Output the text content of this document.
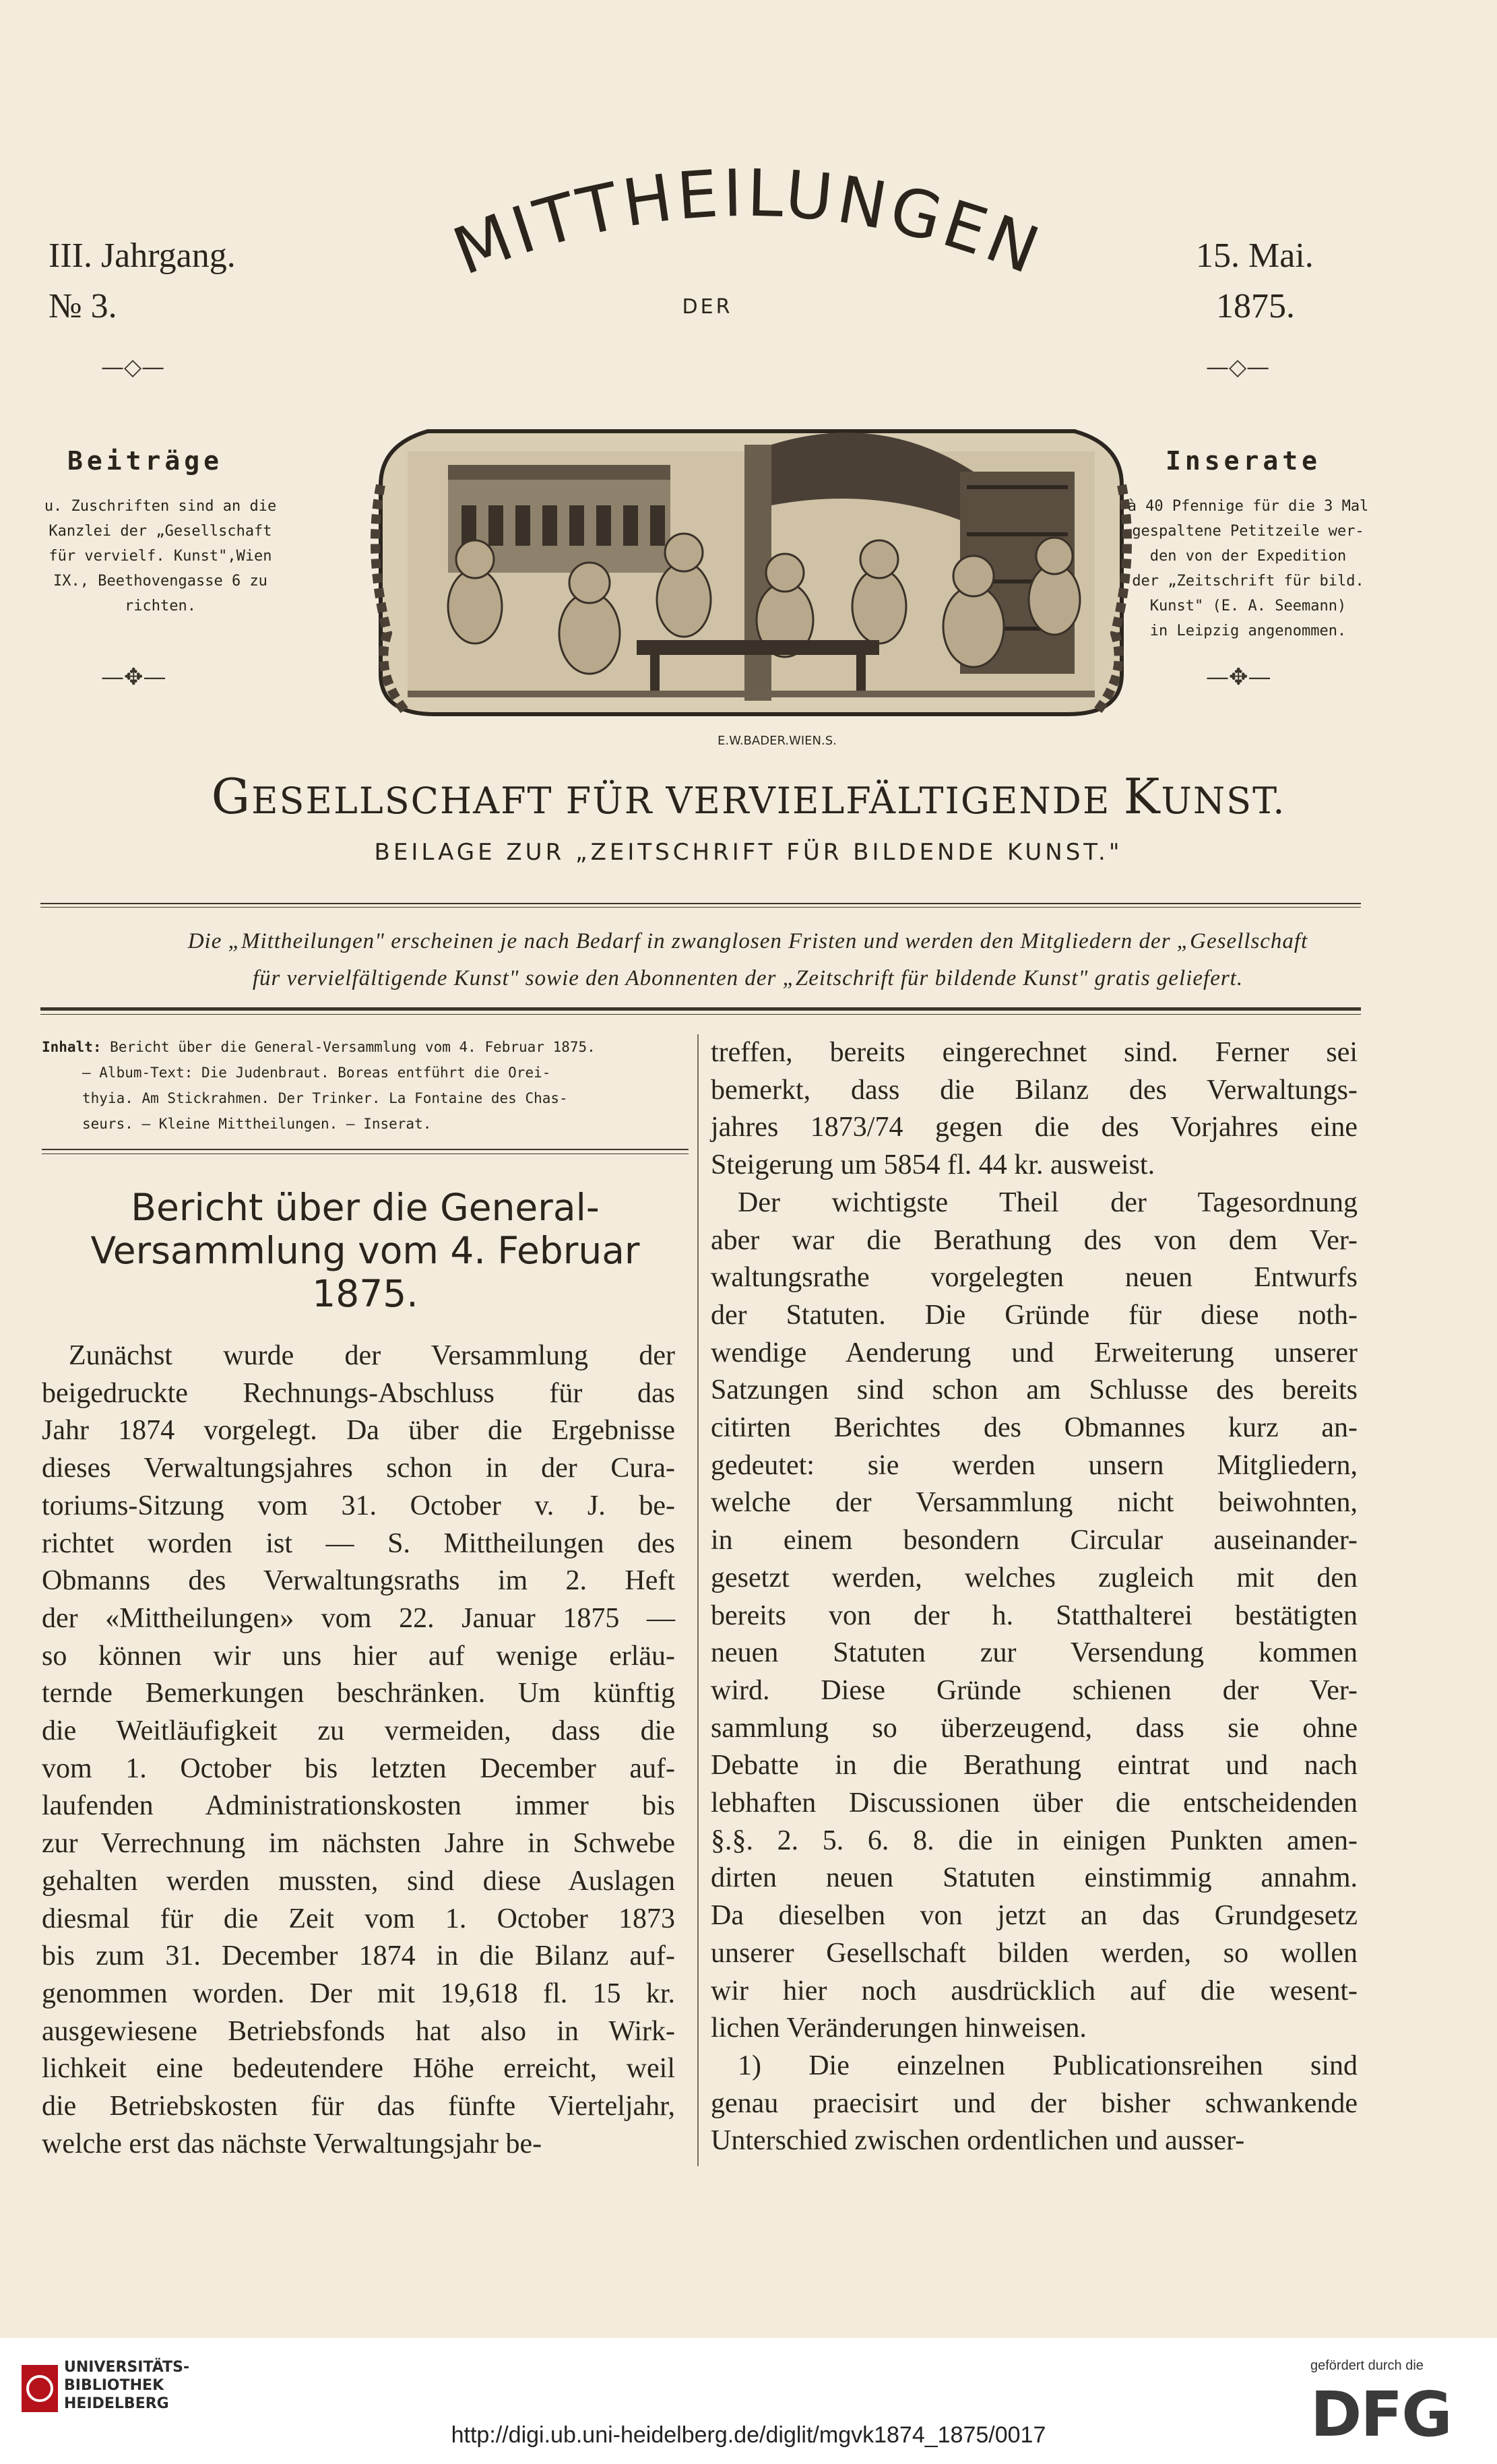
III. Jahrgang.
№ 3.
15. Mai.
1875.
—◇—	—◇—
MITTHEILUNGEN
DER
E.W.BADER.WIEN.S.
Beiträge
u. Zuschriften sind an die
Kanzlei der „Gesellschaft
für vervielf. Kunst",Wien
IX., Beethovengasse 6 zu
richten.
Inserate
à 40 Pfennige für die 3 Mal
gespaltene Petitzeile wer-
den von der Expedition
der „Zeitschrift für bild.
Kunst" (E. A. Seemann)
in Leipzig angenommen.
—✥—	—✥—
GESELLSCHAFT FÜR VERVIELFÄLTIGENDE KUNST.
BEILAGE ZUR „ZEITSCHRIFT FÜR BILDENDE KUNST."
Die „Mittheilungen" erscheinen je nach Bedarf in zwanglosen Fristen und werden den Mitgliedern der „Gesellschaft
für vervielfältigende Kunst" sowie den Abonnenten der „Zeitschrift für bildende Kunst" gratis geliefert.
Inhalt: Bericht über die General-Versammlung vom 4. Februar 1875.
— Album-Text: Die Judenbraut. Boreas entführt die Orei-
thyia. Am Stickrahmen. Der Trinker. La Fontaine des Chas-
seurs. — Kleine Mittheilungen. — Inserat.
Bericht über die General-
Versammlung vom 4. Februar
1875.
Zunächst wurde der Versammlung der
beigedruckte Rechnungs-Abschluss für das
Jahr 1874 vorgelegt. Da über die Ergebnisse
dieses Verwaltungsjahres schon in der Cura-
toriums-Sitzung vom 31. October v. J. be-
richtet worden ist — S. Mittheilungen des
Obmanns des Verwaltungsraths im 2. Heft
der «Mittheilungen» vom 22. Januar 1875 —
so können wir uns hier auf wenige erläu-
ternde Bemerkungen beschränken. Um künftig
die Weitläufigkeit zu vermeiden, dass die
vom 1. October bis letzten December auf-
laufenden Administrationskosten immer bis
zur Verrechnung im nächsten Jahre in Schwebe
gehalten werden mussten, sind diese Auslagen
diesmal für die Zeit vom 1. October 1873
bis zum 31. December 1874 in die Bilanz auf-
genommen worden. Der mit 19,618 fl. 15 kr.
ausgewiesene Betriebsfonds hat also in Wirk-
lichkeit eine bedeutendere Höhe erreicht, weil
die Betriebskosten für das fünfte Vierteljahr,
welche erst das nächste Verwaltungsjahr be-
treffen, bereits eingerechnet sind. Ferner sei
bemerkt, dass die Bilanz des Verwaltungs-
jahres 1873/74 gegen die des Vorjahres eine
Steigerung um 5854 fl. 44 kr. ausweist.
Der wichtigste Theil der Tagesordnung
aber war die Berathung des von dem Ver-
waltungsrathe vorgelegten neuen Entwurfs
der Statuten. Die Gründe für diese noth-
wendige Aenderung und Erweiterung unserer
Satzungen sind schon am Schlusse des bereits
citirten Berichtes des Obmannes kurz an-
gedeutet: sie werden unsern Mitgliedern,
welche der Versammlung nicht beiwohnten,
in einem besondern Circular auseinander-
gesetzt werden, welches zugleich mit den
bereits von der h. Statthalterei bestätigten
neuen Statuten zur Versendung kommen
wird. Diese Gründe schienen der Ver-
sammlung so überzeugend, dass sie ohne
Debatte in die Berathung eintrat und nach
lebhaften Discussionen über die entscheidenden
§.§. 2. 5. 6. 8. die in einigen Punkten amen-
dirten neuen Statuten einstimmig annahm.
Da dieselben von jetzt an das Grundgesetz
unserer Gesellschaft bilden werden, so wollen
wir hier noch ausdrücklich auf die wesent-
lichen Veränderungen hinweisen.
1) Die einzelnen Publicationsreihen sind
genau praecisirt und der bisher schwankende
Unterschied zwischen ordentlichen und ausser-
UNIVERSITÄTS-
BIBLIOTHEK
HEIDELBERG
http://digi.ub.uni-heidelberg.de/diglit/mgvk1874_1875/0017
gefördert durch die
DFG
